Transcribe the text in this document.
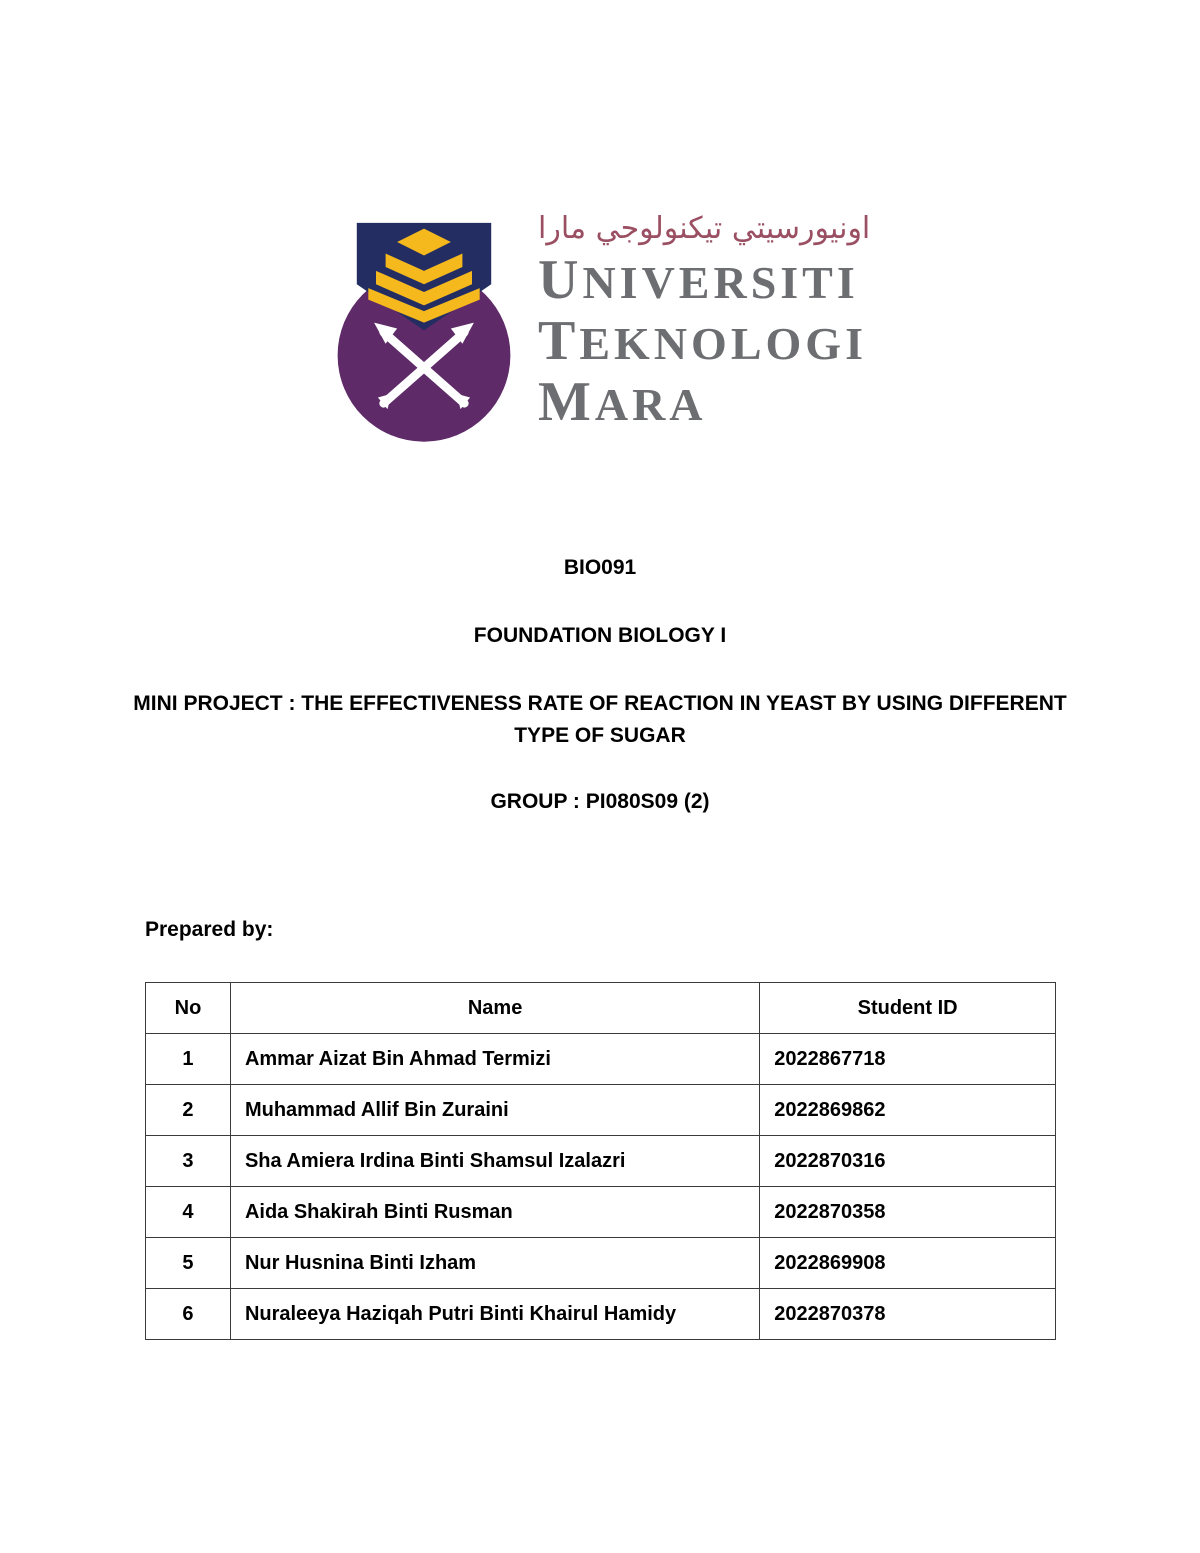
اونيورسيتي تيكنولوجي مارا
UNIVERSITI
TEKNOLOGI
MARA
BIO091
FOUNDATION BIOLOGY I
MINI PROJECT : THE EFFECTIVENESS RATE OF REACTION IN YEAST BY USING DIFFERENT TYPE OF SUGAR
GROUP : PI080S09 (2)
Prepared by:
No	Name	Student ID
1	Ammar Aizat Bin Ahmad Termizi	2022867718
2	Muhammad Allif Bin Zuraini	2022869862
3	Sha Amiera Irdina Binti Shamsul Izalazri	2022870316
4	Aida Shakirah Binti Rusman	2022870358
5	Nur Husnina Binti Izham	2022869908
6	Nuraleeya Haziqah Putri Binti Khairul Hamidy	2022870378
